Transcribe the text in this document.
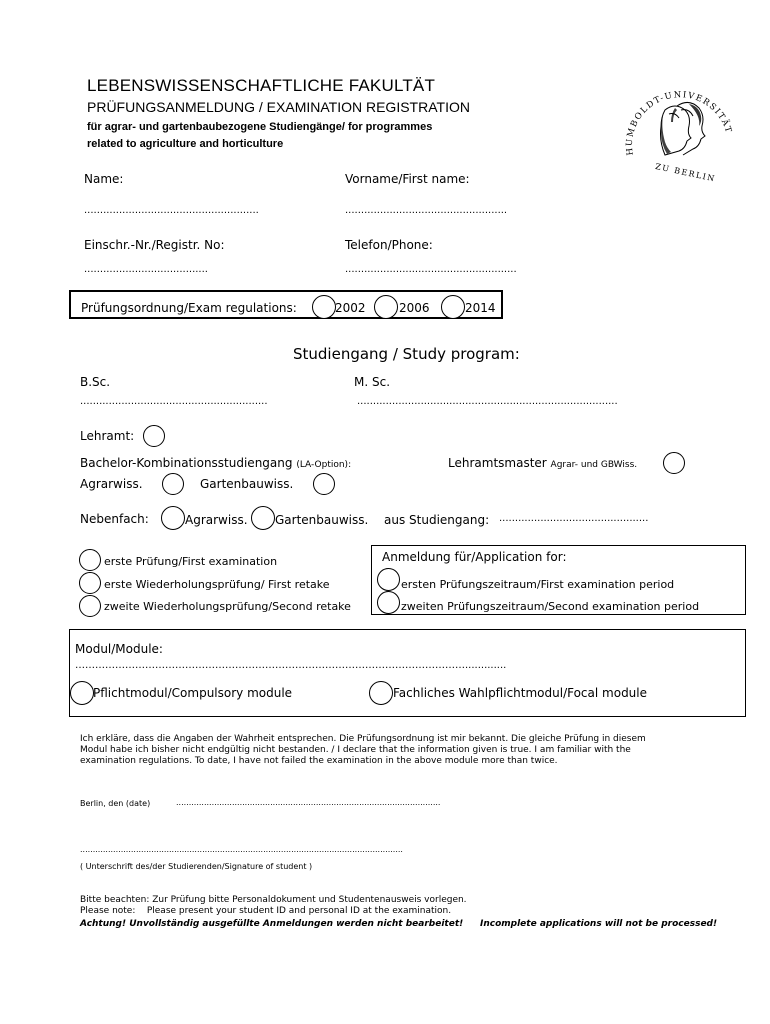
LEBENSWISSENSCHAFTLICHE FAKULTÄT
PRÜFUNGSANMELDUNG / EXAMINATION REGISTRATION
für agrar- und gartenbaubezogene Studiengänge/ for programmes
related to agriculture and horticulture
HUMBOLDT-UNIVERSITÄT
ZU BERLIN
Name:	Vorname/First name:
.......................................................	...................................................
Einschr.-Nr./Registr. No:	Telefon/Phone:
.......................................	......................................................
Prüfungsordnung/Exam regulations:	2002	2006	2014
Studiengang / Study program:
B.Sc.	M. Sc.
...........................................................	..................................................................................
Lehramt:
Bachelor-Kombinationsstudiengang (LA-Option):	Lehramtsmaster Agrar- und GBWiss.
Agrarwiss.	Gartenbauwiss.
Nebenfach:	Agrarwiss. Gartenbauwiss. aus Studiengang: ...............................................
erste Prüfung/First examination
erste Wiederholungsprüfung/ First retake
zweite Wiederholungsprüfung/Second retake
Anmeldung für/Application for:
ersten Prüfungszeitraum/First examination period
zweiten Prüfungszeitraum/Second examination period
Modul/Module:
……………………………………………………………………………………………………….............
Pflichtmodul/Compulsory module	Fachliches Wahlpflichtmodul/Focal module
Ich erkläre, dass die Angaben der Wahrheit entsprechen. Die Prüfungsordnung ist mir bekannt. Die gleiche Prüfung in diesem
Modul habe ich bisher nicht endgültig nicht bestanden. / I declare that the information given is true. I am familiar with the
examination regulations. To date, I have not failed the examination in the above module more than twice.
Berlin, den (date)	........................................................................................................
...............................................................................................................................
( Unterschrift des/der Studierenden/Signature of student )
Bitte beachten: Zur Prüfung bitte Personaldokument und Studentenausweis vorlegen.
Please note: Please present your student ID and personal ID at the examination.
Achtung! Unvollständig ausgefüllte Anmeldungen werden nicht bearbeitet! Incomplete applications will not be processed!
